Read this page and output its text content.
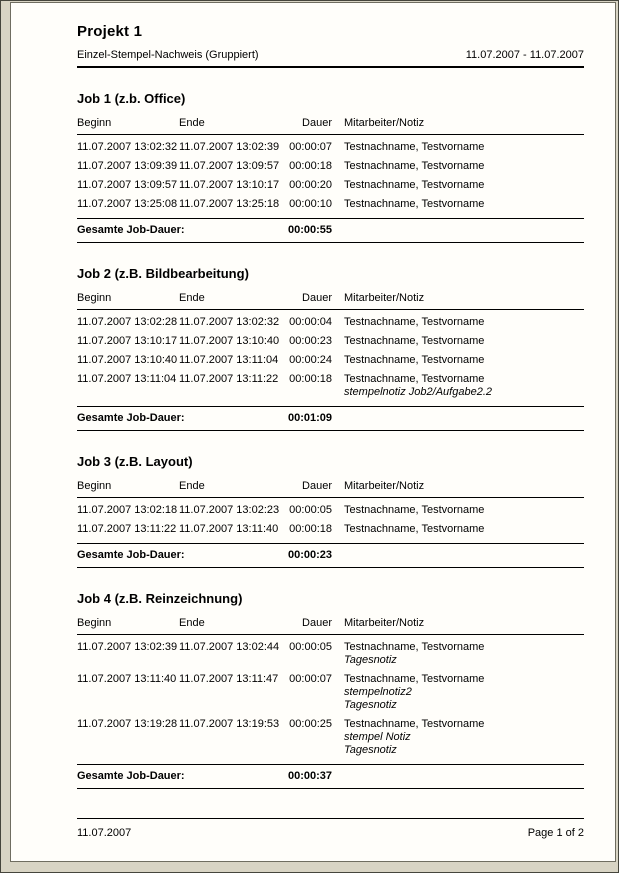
Projekt 1
Einzel-Stempel-Nachweis (Gruppiert)	11.07.2007 - 11.07.2007
Job 1 (z.b. Office)
Beginn	Ende	Dauer	Mitarbeiter/Notiz
11.07.2007 13:02:32 11.07.2007 13:02:39 00:00:07 Testnachname, Testvorname
11.07.2007 13:09:39 11.07.2007 13:09:57 00:00:18 Testnachname, Testvorname
11.07.2007 13:09:57 11.07.2007 13:10:17 00:00:20 Testnachname, Testvorname
11.07.2007 13:25:08 11.07.2007 13:25:18 00:00:10 Testnachname, Testvorname
Gesamte Job-Dauer:	00:00:55
Job 2 (z.B. Bildbearbeitung)
Beginn	Ende	Dauer	Mitarbeiter/Notiz
11.07.2007 13:02:28 11.07.2007 13:02:32 00:00:04 Testnachname, Testvorname
11.07.2007 13:10:17 11.07.2007 13:10:40 00:00:23 Testnachname, Testvorname
11.07.2007 13:10:40 11.07.2007 13:11:04 00:00:24 Testnachname, Testvorname
11.07.2007 13:11:04 11.07.2007 13:11:22 00:00:18 Testnachname, Testvorname
stempelnotiz Job2/Aufgabe2.2
Gesamte Job-Dauer:	00:01:09
Job 3 (z.B. Layout)
Beginn	Ende	Dauer	Mitarbeiter/Notiz
11.07.2007 13:02:18 11.07.2007 13:02:23 00:00:05 Testnachname, Testvorname
11.07.2007 13:11:22 11.07.2007 13:11:40 00:00:18 Testnachname, Testvorname
Gesamte Job-Dauer:	00:00:23
Job 4 (z.B. Reinzeichnung)
Beginn	Ende	Dauer	Mitarbeiter/Notiz
11.07.2007 13:02:39 11.07.2007 13:02:44 00:00:05 Testnachname, Testvorname
Tagesnotiz
11.07.2007 13:11:40 11.07.2007 13:11:47 00:00:07 Testnachname, Testvorname
stempelnotiz2
Tagesnotiz
11.07.2007 13:19:28 11.07.2007 13:19:53 00:00:25 Testnachname, Testvorname
stempel Notiz
Tagesnotiz
Gesamte Job-Dauer:	00:00:37
11.07.2007	Page 1 of 2
